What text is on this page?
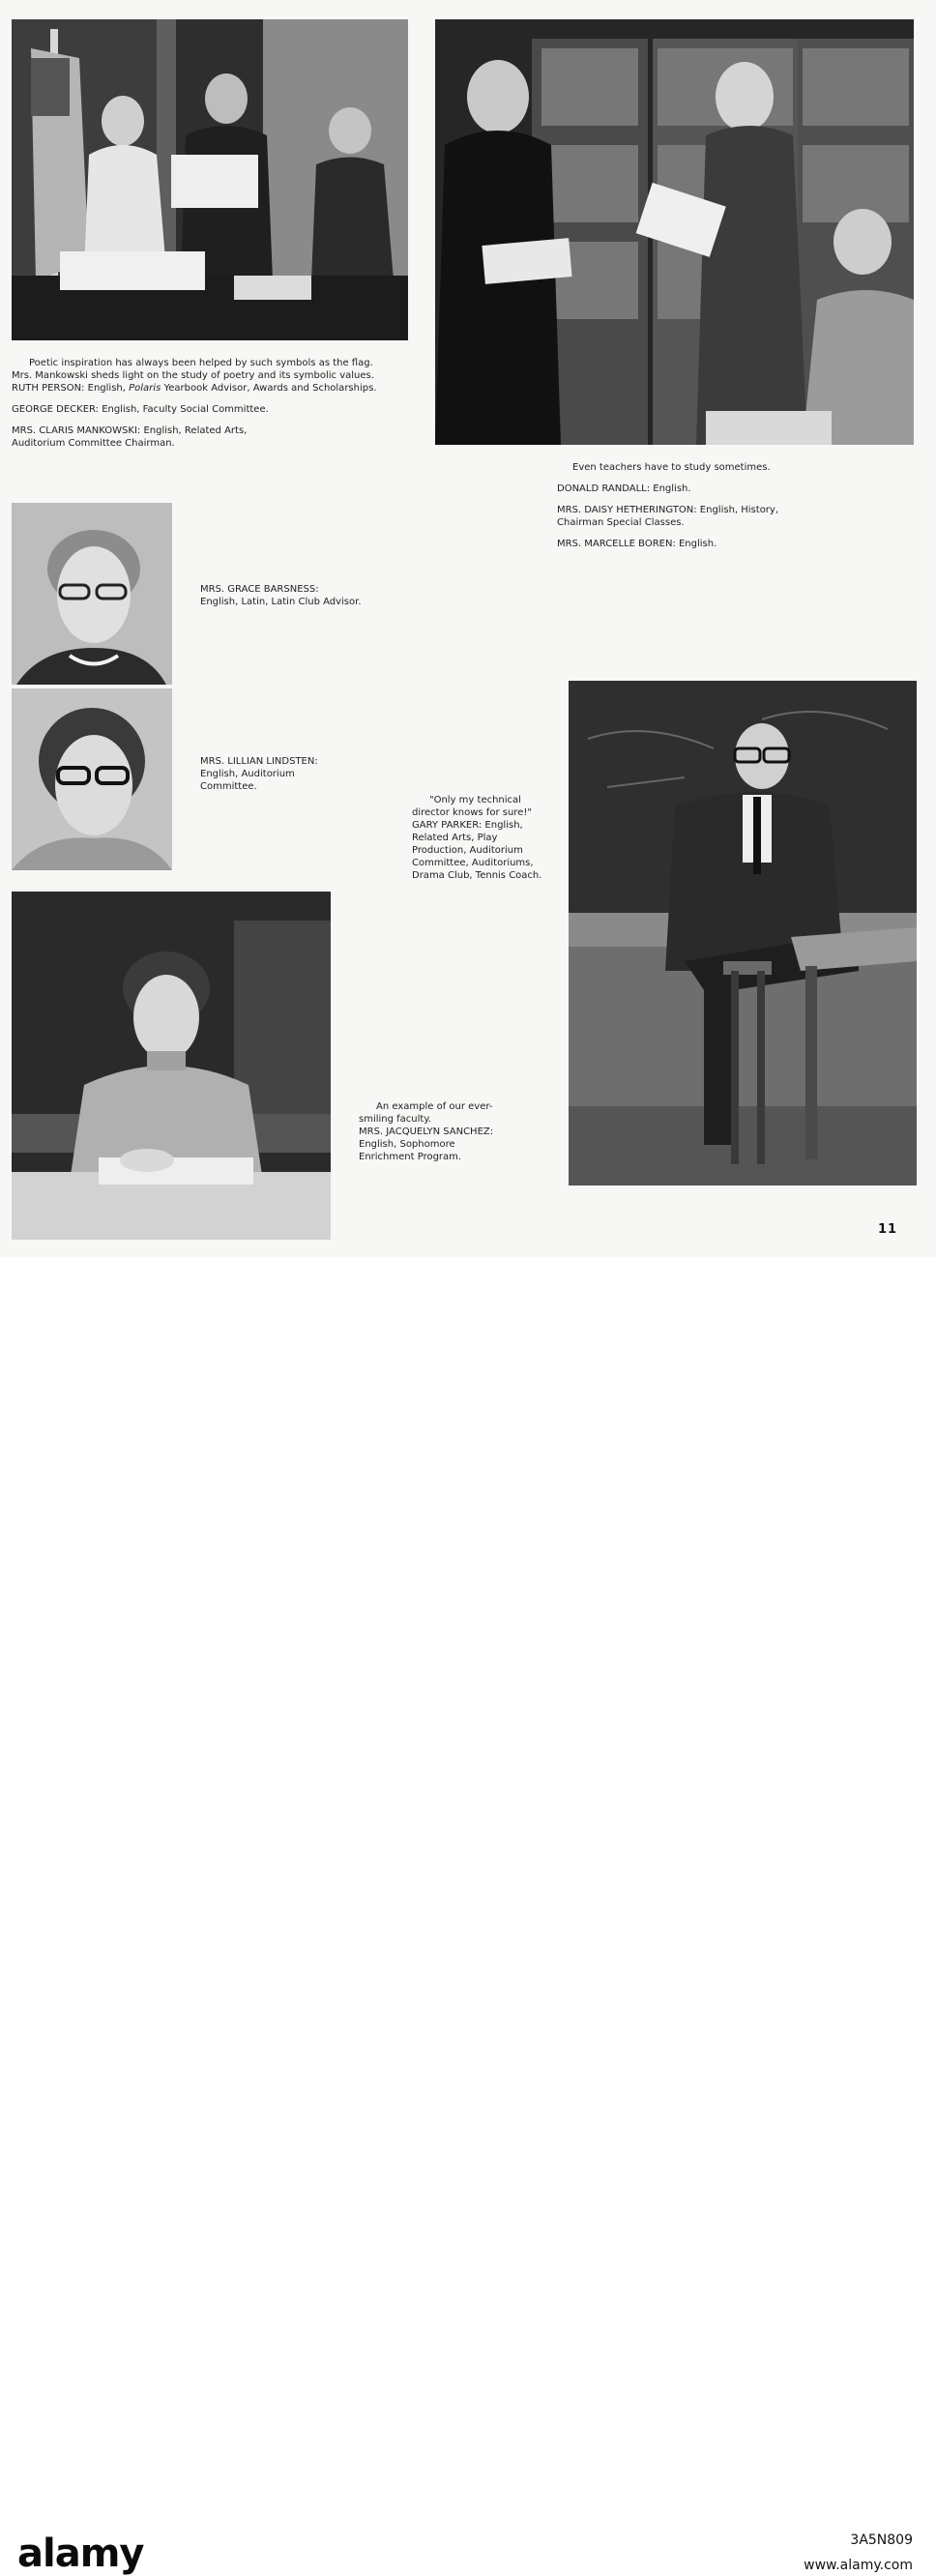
Poetic inspiration has always been helped by such symbols as the flag.

Mrs. Mankowski sheds light on the study of poetry and its symbolic values.

RUTH PERSON: English, Polaris Yearbook Advisor, Awards and Scholarships.

GEORGE DECKER: English, Faculty Social Committee.

MRS. CLARIS MANKOWSKI: English, Related Arts,

Auditorium Committee Chairman.

Even teachers have to study sometimes.

DONALD RANDALL: English.

MRS. DAISY HETHERINGTON: English, History,

Chairman Special Classes.

MRS. MARCELLE BOREN: English.

MRS. GRACE BARSNESS:

English, Latin, Latin Club Advisor.

MRS. LILLIAN LINDSTEN:

English, Auditorium

Committee.

"Only my technical

director knows for sure!"

GARY PARKER: English,

Related Arts, Play

Production, Auditorium

Committee, Auditoriums,

Drama Club, Tennis Coach.

An example of our ever-

smiling faculty.

MRS. JACQUELYN SANCHEZ:

English, Sophomore

Enrichment Program.

11
alamy	3A5N809
www.alamy.com
